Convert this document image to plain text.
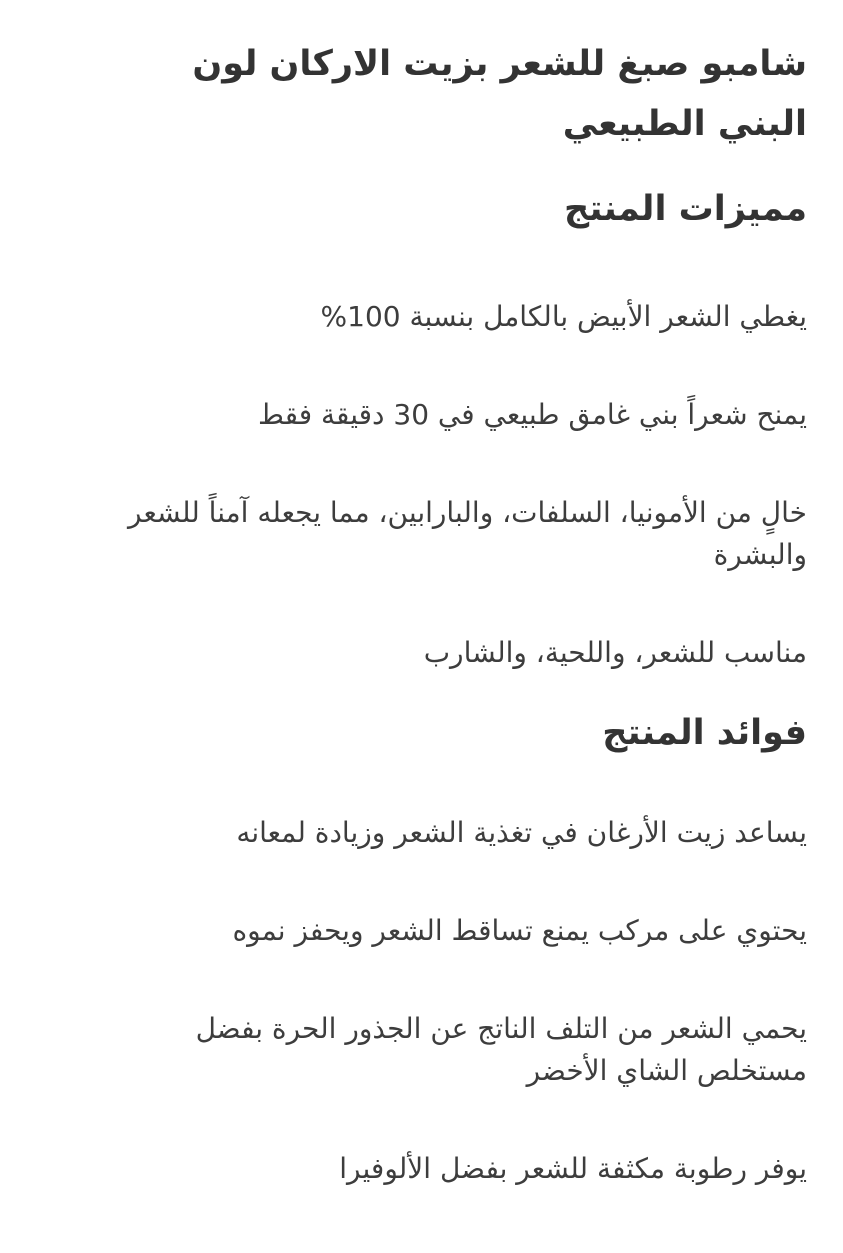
شامبو صبغ للشعر بزيت الاركان لون البني الطبيعي
مميزات المنتج
يغطي الشعر الأبيض بالكامل بنسبة 100%
يمنح شعراً بني غامق طبيعي في 30 دقيقة فقط
خالٍ من الأمونيا، السلفات، والبارابين، مما يجعله آمناً للشعر والبشرة
مناسب للشعر، واللحية، والشارب
فوائد المنتج
يساعد زيت الأرغان في تغذية الشعر وزيادة لمعانه
يحتوي على مركب يمنع تساقط الشعر ويحفز نموه
يحمي الشعر من التلف الناتج عن الجذور الحرة بفضل مستخلص الشاي الأخضر
يوفر رطوبة مكثفة للشعر بفضل الألوفيرا
